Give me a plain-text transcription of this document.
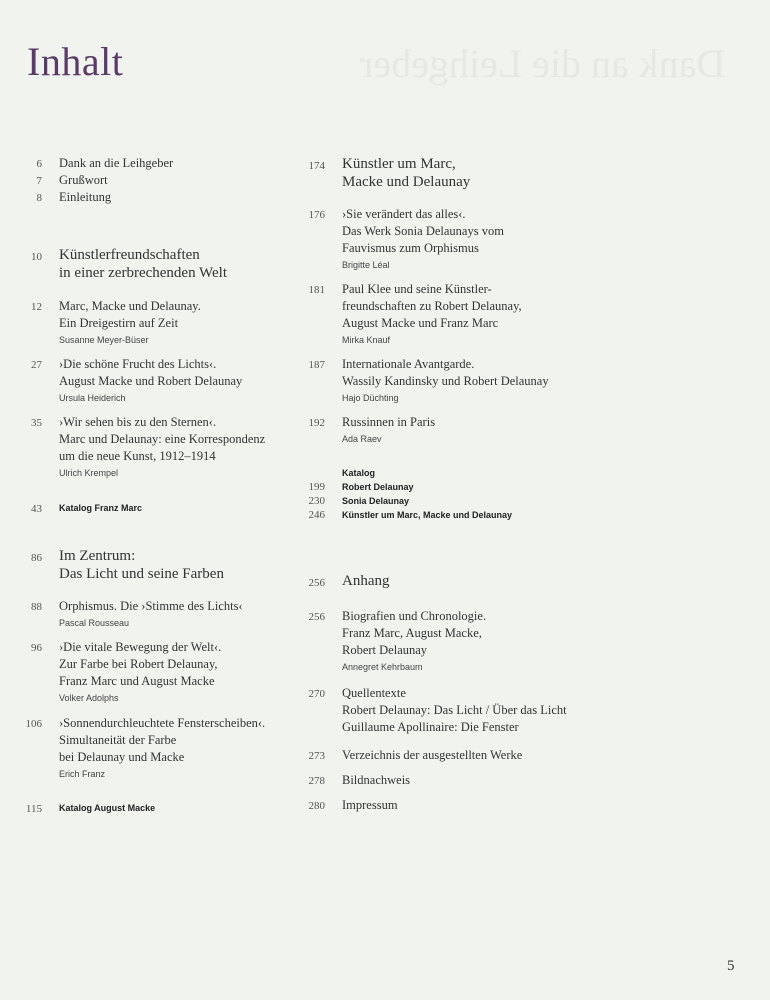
Dank an die Leihgeber
Inhalt
6 Dank an die Leihgeber
7 Grußwort
8 Einleitung
10 Künstlerfreundschaften
in einer zerbrechenden Welt
12 Marc, Macke und Delaunay.
Ein Dreigestirn auf Zeit
Susanne Meyer-Büser
27 ›Die schöne Frucht des Lichts‹.
August Macke und Robert Delaunay
Ursula Heiderich
35 ›Wir sehen bis zu den Sternen‹.
Marc und Delaunay: eine Korrespondenz
um die neue Kunst, 1912–1914
Ulrich Krempel
43 Katalog Franz Marc
86 Im Zentrum:
Das Licht und seine Farben
88 Orphismus. Die ›Stimme des Lichts‹
Pascal Rousseau
96 ›Die vitale Bewegung der Welt‹.
Zur Farbe bei Robert Delaunay,
Franz Marc und August Macke
Volker Adolphs
106 ›Sonnendurchleuchtete Fensterscheiben‹.
Simultaneität der Farbe
bei Delaunay und Macke
Erich Franz
115 Katalog August Macke
174 Künstler um Marc,
Macke und Delaunay
176 ›Sie verändert das alles‹.
Das Werk Sonia Delaunays vom
Fauvismus zum Orphismus
Brigitte Léal
181 Paul Klee und seine Künstler-
freundschaften zu Robert Delaunay,
August Macke und Franz Marc
Mirka Knauf
187 Internationale Avantgarde.
Wassily Kandinsky und Robert Delaunay
Hajo Düchting
192 Russinnen in Paris
Ada Raev
Katalog
199 Robert Delaunay
230 Sonia Delaunay
246 Künstler um Marc, Macke und Delaunay
256 Anhang
256 Biografien und Chronologie.
Franz Marc, August Macke,
Robert Delaunay
Annegret Kehrbaum
270 Quellentexte
Robert Delaunay: Das Licht / Über das Licht
Guillaume Apollinaire: Die Fenster
273 Verzeichnis der ausgestellten Werke
278 Bildnachweis
280 Impressum
5
